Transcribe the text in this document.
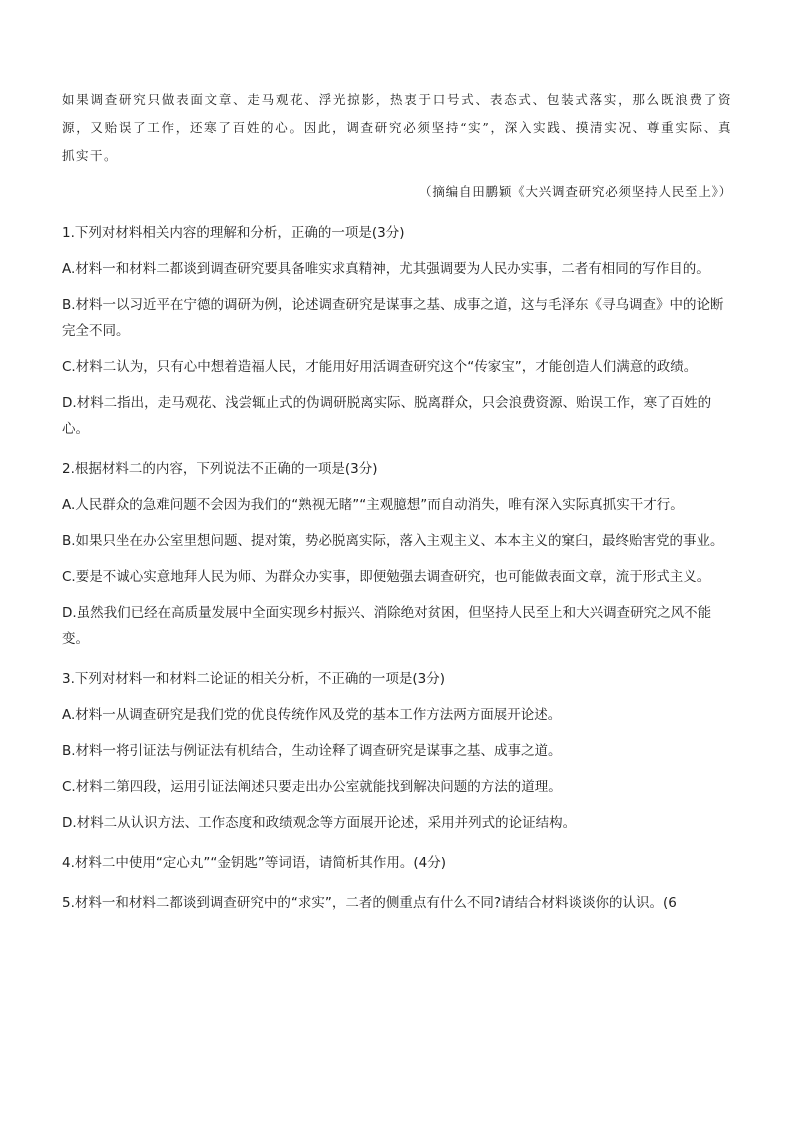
如果调查研究只做表面文章、走马观花、浮光掠影，热衷于口号式、表态式、包装式落实，那么既浪费了资源，又贻误了工作，还寒了百姓的心。因此，调查研究必须坚持“实”，深入实践、摸清实况、尊重实际、真抓实干。

（摘编自田鹏颖《大兴调查研究必须坚持人民至上》）

1.下列对材料相关内容的理解和分析，正确的一项是(3分)

A.材料一和材料二都谈到调查研究要具备唯实求真精神，尤其强调要为人民办实事，二者有相同的写作目的。

B.材料一以习近平在宁德的调研为例，论述调查研究是谋事之基、成事之道，这与毛泽东《寻乌调查》中的论断完全不同。

C.材料二认为，只有心中想着造福人民，才能用好用活调查研究这个“传家宝”，才能创造人们满意的政绩。

D.材料二指出，走马观花、浅尝辄止式的伪调研脱离实际、脱离群众，只会浪费资源、贻误工作，寒了百姓的心。

2.根据材料二的内容，下列说法不正确的一项是(3分)

A.人民群众的急难问题不会因为我们的“熟视无睹”“主观臆想”而自动消失，唯有深入实际真抓实干才行。

B.如果只坐在办公室里想问题、提对策，势必脱离实际，落入主观主义、本本主义的窠臼，最终贻害党的事业。

C.要是不诚心实意地拜人民为师、为群众办实事，即便勉强去调查研究，也可能做表面文章，流于形式主义。

D.虽然我们已经在高质量发展中全面实现乡村振兴、消除绝对贫困，但坚持人民至上和大兴调查研究之风不能变。

3.下列对材料一和材料二论证的相关分析，不正确的一项是(3分)

A.材料一从调查研究是我们党的优良传统作风及党的基本工作方法两方面展开论述。

B.材料一将引证法与例证法有机结合，生动诠释了调查研究是谋事之基、成事之道。

C.材料二第四段，运用引证法阐述只要走出办公室就能找到解决问题的方法的道理。

D.材料二从认识方法、工作态度和政绩观念等方面展开论述，采用并列式的论证结构。

4.材料二中使用“定心丸”“金钥匙”等词语，请简析其作用。(4分)

5.材料一和材料二都谈到调查研究中的“求实”，二者的侧重点有什么不同?请结合材料谈谈你的认识。(6
